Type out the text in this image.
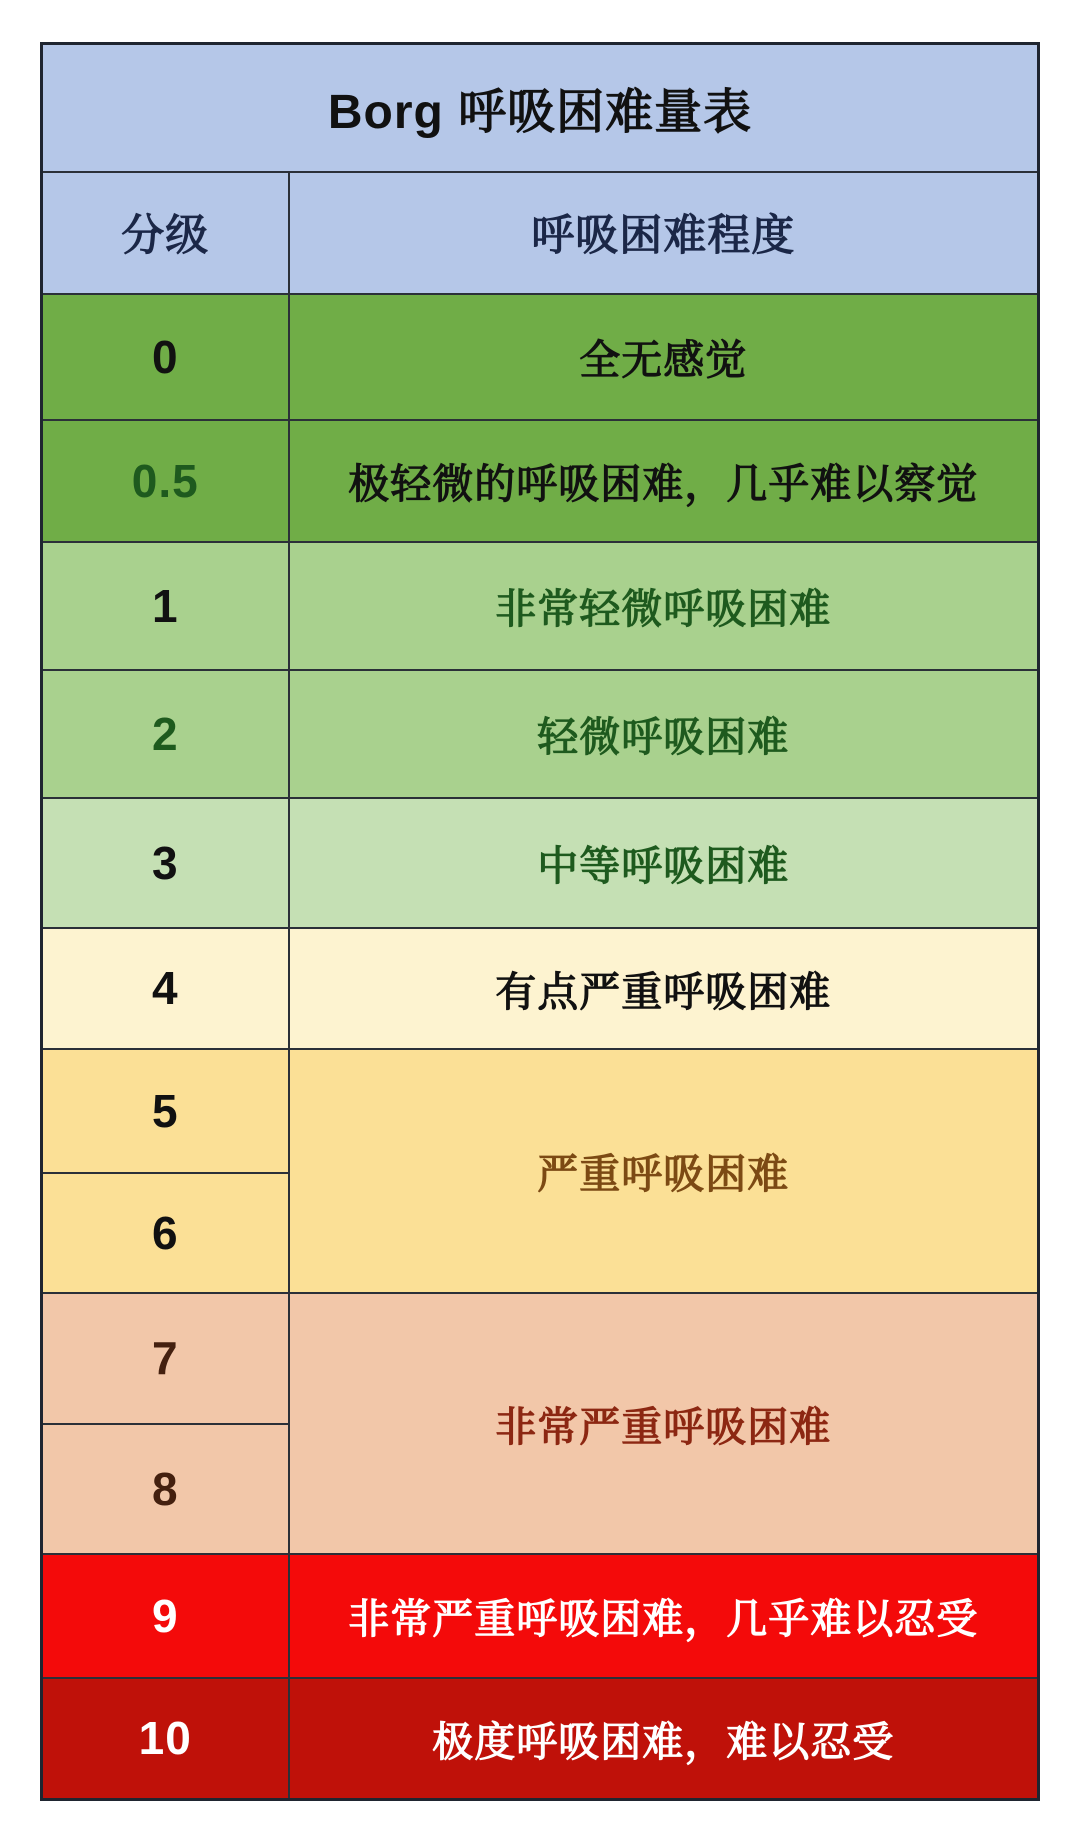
Borg 呼吸困难量表	
分级	呼吸困难程度
0	全无感觉
0.5	极轻微的呼吸困难，几乎难以察觉
1	非常轻微呼吸困难
2	轻微呼吸困难
3	中等呼吸困难
4	有点严重呼吸困难
5	严重呼吸困难
6	
7	非常严重呼吸困难
8	
9	非常严重呼吸困难，几乎难以忍受
10	极度呼吸困难，难以忍受
